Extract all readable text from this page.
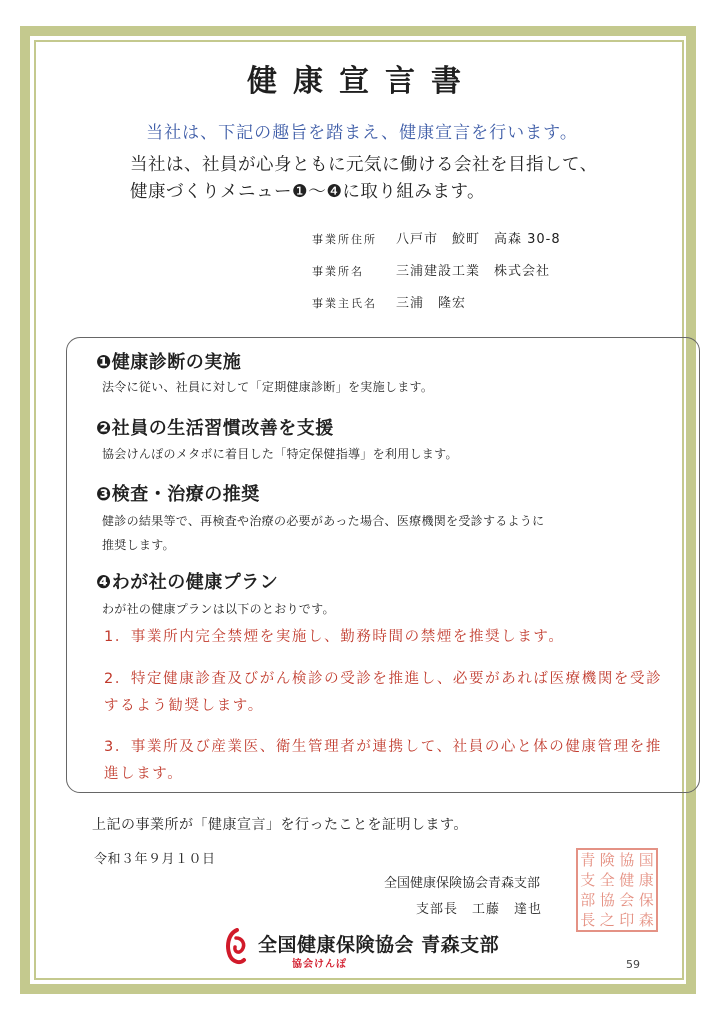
健康宣言書
当社は、下記の趣旨を踏まえ、健康宣言を行います。
当社は、社員が心身ともに元気に働ける会社を目指して、
健康づくりメニュー❶～❹に取り組みます。
事業所住所 八戸市　鮫町　高森 30-8
事業所名 三浦建設工業　株式会社
事業主氏名 三浦　隆宏
❶健康診断の実施
法令に従い、社員に対して「定期健康診断」を実施します。
❷社員の生活習慣改善を支援
協会けんぽのメタボに着目した「特定保健指導」を利用します。
❸検査・治療の推奨
健診の結果等で、再検査や治療の必要があった場合、医療機関を受診するように
推奨します。
❹わが社の健康プラン
わが社の健康プランは以下のとおりです。
1．事業所内完全禁煙を実施し、勤務時間の禁煙を推奨します。
2．特定健康診査及びがん検診の受診を推進し、必要があれば医療機関を受診するよう勧奨します。
3．事業所及び産業医、衛生管理者が連携して、社員の心と体の健康管理を推進します。
上記の事業所が「健康宣言」を行ったことを証明します。
令和３年９月１０日
全国健康保険協会青森支部
支部長　工藤　達也
青 険 協 国
支 全 健 康
部 協 会 保
長 之 印 森
全国健康保険協会 青森支部
協会けんぽ	59
